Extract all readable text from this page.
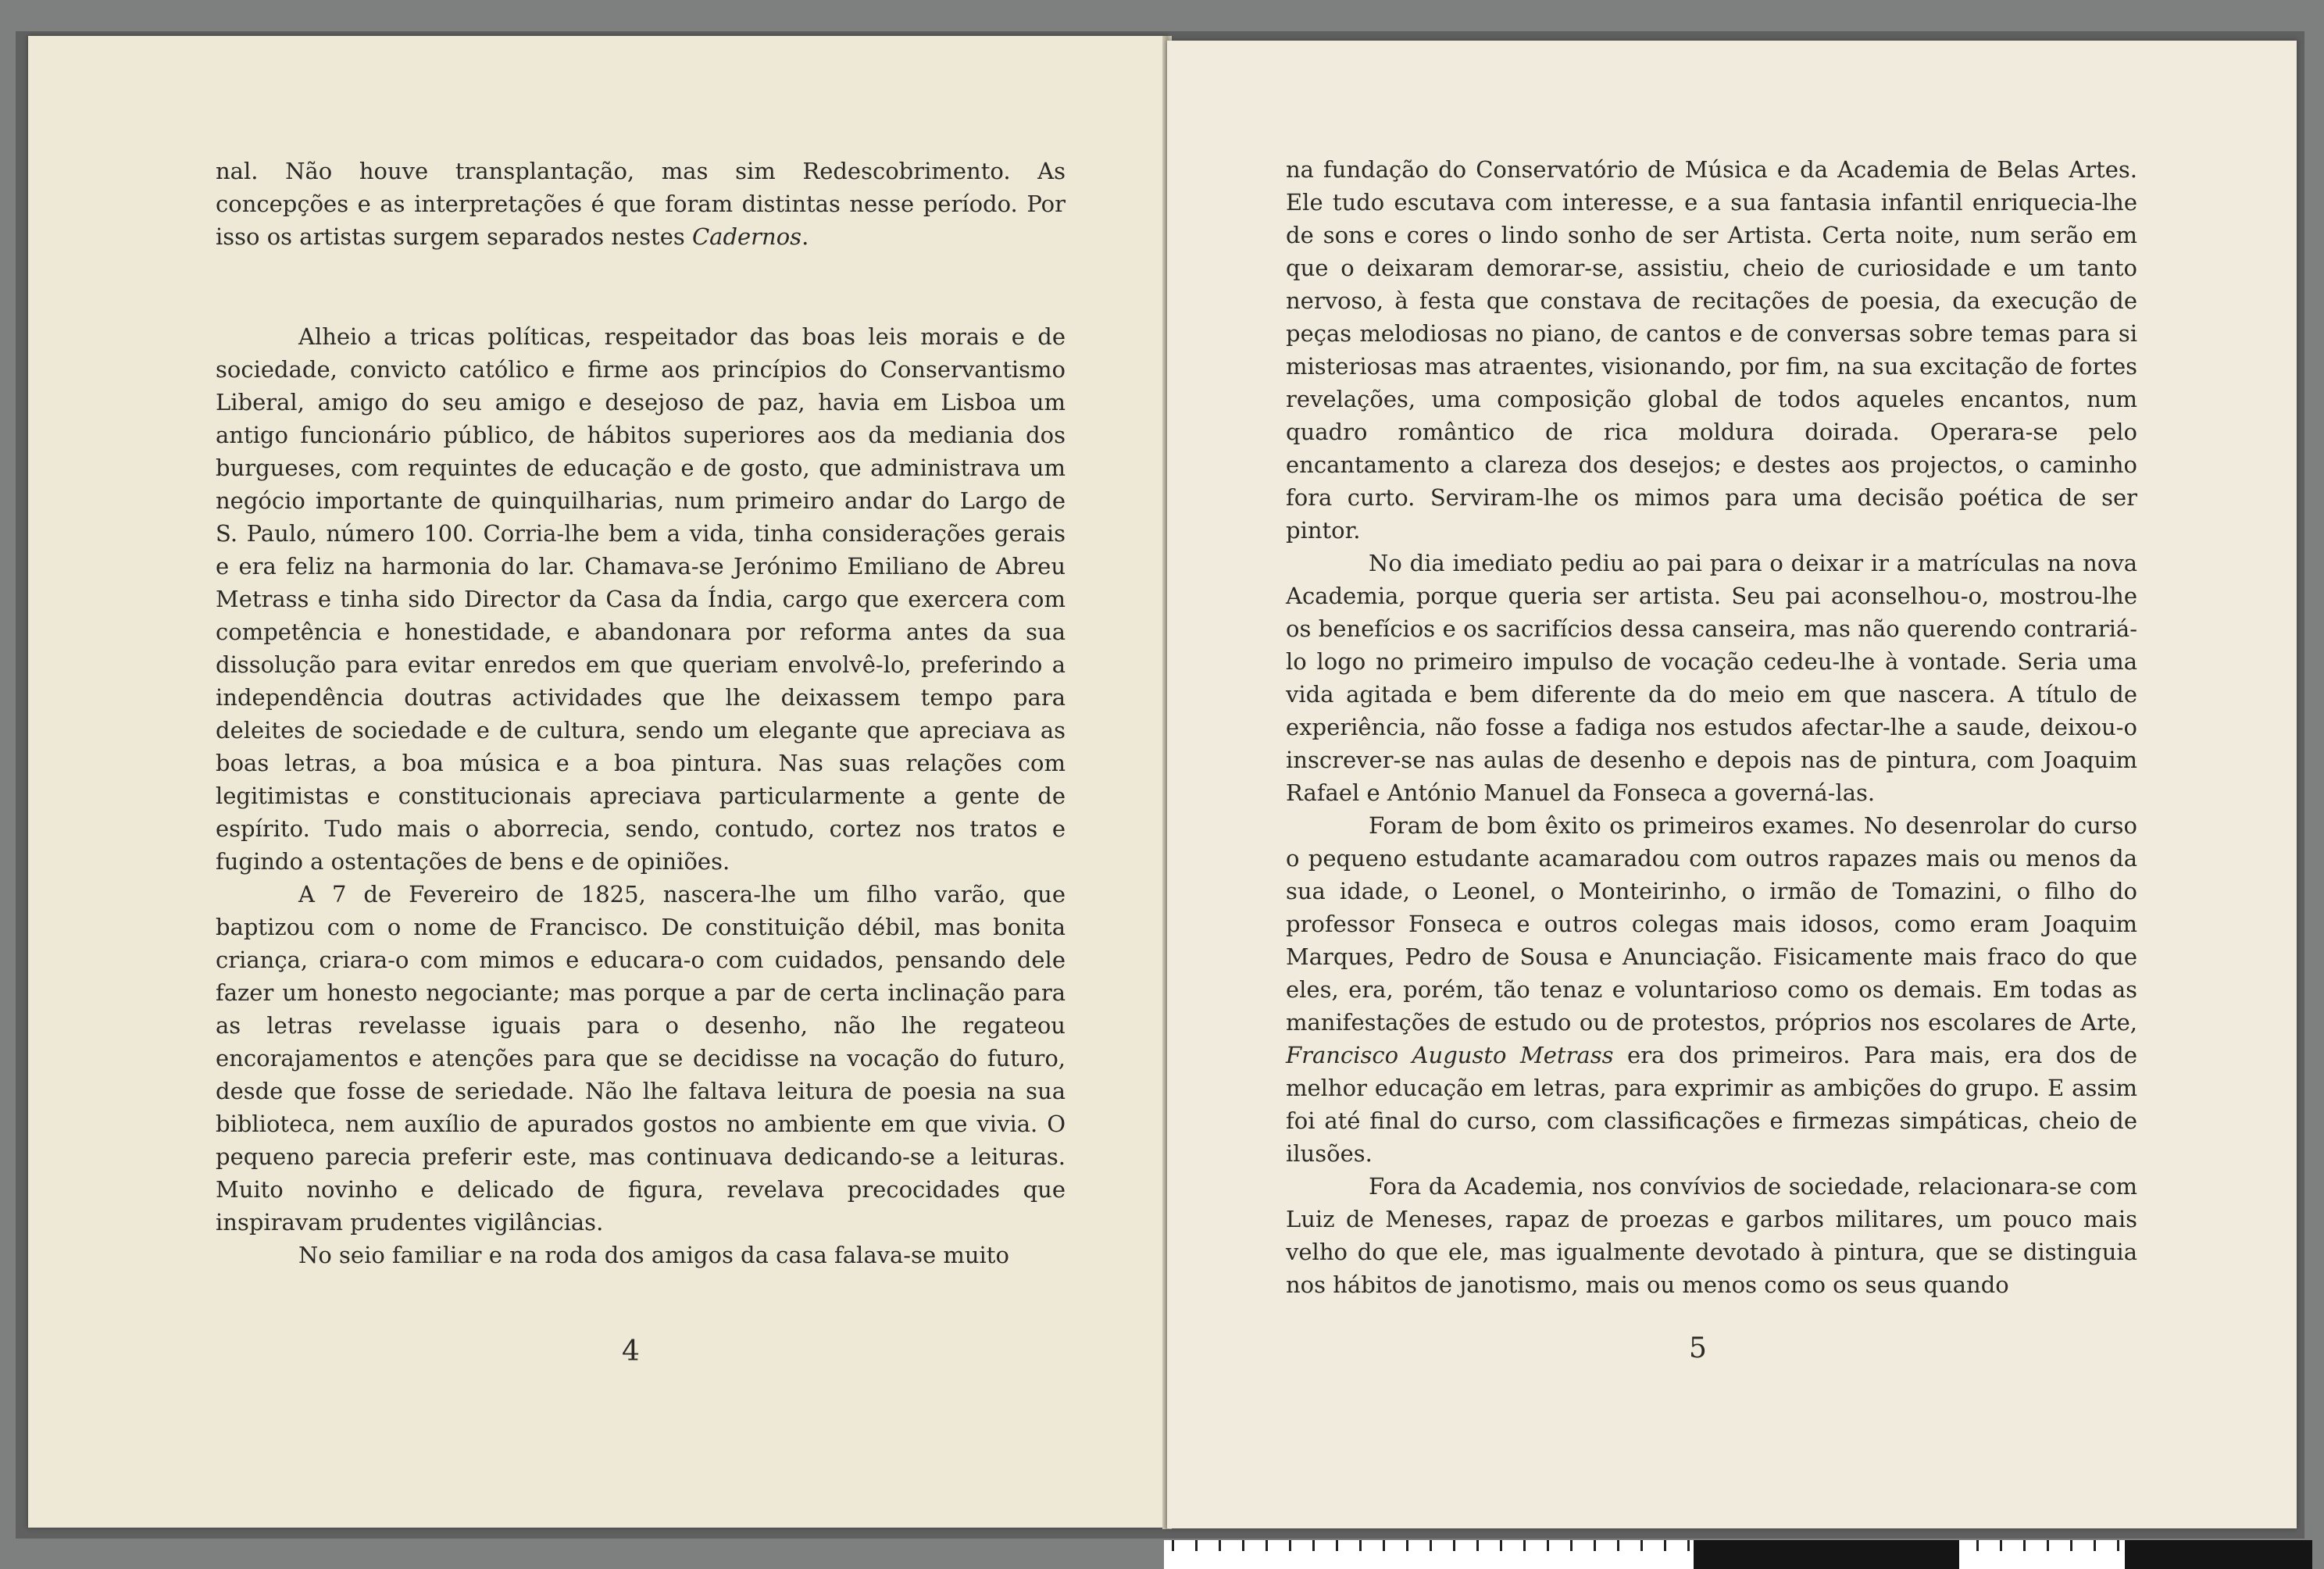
nal. Não houve transplantação, mas sim Redescobrimento. As concepções e as interpretações é que foram distintas nesse período. Por isso os artistas surgem separados nestes Cadernos.

Alheio a tricas políticas, respeitador das boas leis morais e de sociedade, convicto católico e firme aos princípios do Conservantismo Liberal, amigo do seu amigo e desejoso de paz, havia em Lisboa um antigo funcionário público, de hábitos superiores aos da mediania dos burgueses, com requintes de educação e de gosto, que administrava um negócio importante de quinquilharias, num primeiro andar do Largo de S. Paulo, número 100. Corria-lhe bem a vida, tinha considerações gerais e era feliz na harmonia do lar. Chamava-se Jerónimo Emiliano de Abreu Metrass e tinha sido Director da Casa da Índia, cargo que exercera com competência e honestidade, e abandonara por reforma antes da sua dissolução para evitar enredos em que queriam envolvê-lo, preferindo a independência doutras actividades que lhe deixassem tempo para deleites de sociedade e de cultura, sendo um elegante que apreciava as boas letras, a boa música e a boa pintura. Nas suas relações com legitimistas e constitucionais apreciava particularmente a gente de espírito. Tudo mais o aborrecia, sendo, contudo, cortez nos tratos e fugindo a ostentações de bens e de opiniões.

A 7 de Fevereiro de 1825, nascera-lhe um filho varão, que baptizou com o nome de Francisco. De constituição débil, mas bonita criança, criara-o com mimos e educara-o com cuidados, pensando dele fazer um honesto negociante; mas porque a par de certa inclinação para as letras revelasse iguais para o desenho, não lhe regateou encorajamentos e atenções para que se decidisse na vocação do futuro, desde que fosse de seriedade. Não lhe faltava leitura de poesia na sua biblioteca, nem auxílio de apurados gostos no ambiente em que vivia. O pequeno parecia preferir este, mas continuava dedicando-se a leituras. Muito novinho e delicado de figura, revelava precocidades que inspiravam prudentes vigilâncias.

No seio familiar e na roda dos amigos da casa falava-se muito

4

na fundação do Conservatório de Música e da Academia de Belas Artes. Ele tudo escutava com interesse, e a sua fantasia infantil enriquecia-lhe de sons e cores o lindo sonho de ser Artista. Certa noite, num serão em que o deixaram demorar-se, assistiu, cheio de curiosidade e um tanto nervoso, à festa que constava de recitações de poesia, da execução de peças melodiosas no piano, de cantos e de conversas sobre temas para si misteriosas mas atraentes, visionando, por fim, na sua excitação de fortes revelações, uma composição global de todos aqueles encantos, num quadro romântico de rica moldura doirada. Operara-se pelo encantamento a clareza dos desejos; e destes aos projectos, o caminho fora curto. Serviram-lhe os mimos para uma decisão poética de ser pintor.

No dia imediato pediu ao pai para o deixar ir a matrículas na nova Academia, porque queria ser artista. Seu pai aconselhou-o, mostrou-lhe os benefícios e os sacrifícios dessa canseira, mas não querendo contrariá-lo logo no primeiro impulso de vocação cedeu-lhe à vontade. Seria uma vida agitada e bem diferente da do meio em que nascera. A título de experiência, não fosse a fadiga nos estudos afectar-lhe a saude, deixou-o inscrever-se nas aulas de desenho e depois nas de pintura, com Joaquim Rafael e António Manuel da Fonseca a governá-las.

Foram de bom êxito os primeiros exames. No desenrolar do curso o pequeno estudante acamaradou com outros rapazes mais ou menos da sua idade, o Leonel, o Monteirinho, o irmão de Tomazini, o filho do professor Fonseca e outros colegas mais idosos, como eram Joaquim Marques, Pedro de Sousa e Anunciação. Fisicamente mais fraco do que eles, era, porém, tão tenaz e voluntarioso como os demais. Em todas as manifestações de estudo ou de protestos, próprios nos escolares de Arte, Francisco Augusto Metrass era dos primeiros. Para mais, era dos de melhor educação em letras, para exprimir as ambições do grupo. E assim foi até final do curso, com classificações e firmezas simpáticas, cheio de ilusões.

Fora da Academia, nos convívios de sociedade, relacionara-se com Luiz de Meneses, rapaz de proezas e garbos militares, um pouco mais velho do que ele, mas igualmente devotado à pintura, que se distinguia nos hábitos de janotismo, mais ou menos como os seus quando

5
